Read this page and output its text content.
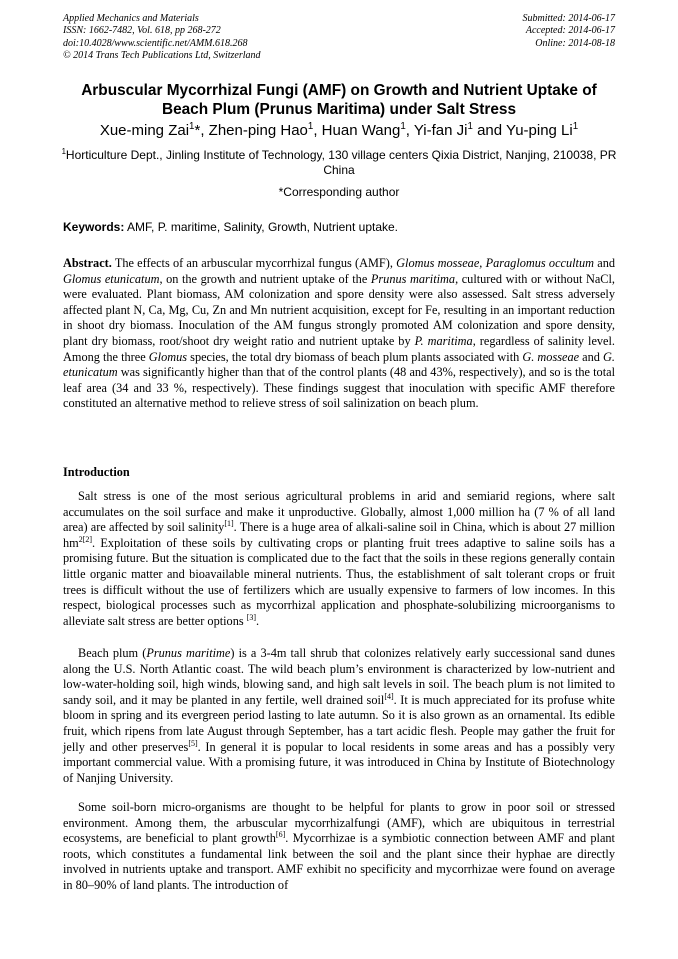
Applied Mechanics and Materials
ISSN: 1662-7482, Vol. 618, pp 268-272
doi:10.4028/www.scientific.net/AMM.618.268
© 2014 Trans Tech Publications Ltd, Switzerland
Submitted: 2014-06-17
Accepted: 2014-06-17
Online: 2014-08-18
Arbuscular Mycorrhizal Fungi (AMF) on Growth and Nutrient Uptake of
Beach Plum (Prunus Maritima) under Salt Stress
Xue-ming Zai$^1$*, Zhen-ping Hao$^1$, Huan Wang$^1$, Yi-fan Ji$^1$ and Yu-ping Li$^1$
$^1$Horticulture Dept., Jinling Institute of Technology, 130 village centers Qixia District, Nanjing, 210038, PR China
*Corresponding author
Keywords: AMF, P. maritime, Salinity, Growth, Nutrient uptake.
Abstract. The effects of an arbuscular mycorrhizal fungus (AMF), Glomus mosseae, Paraglomus occultum and Glomus etunicatum, on the growth and nutrient uptake of the Prunus maritima, cultured with or without NaCl, were evaluated. Plant biomass, AM colonization and spore density were also assessed. Salt stress adversely affected plant N, Ca, Mg, Cu, Zn and Mn nutrient acquisition, except for Fe, resulting in an important reduction in shoot dry biomass. Inoculation of the AM fungus strongly promoted AM colonization and spore density, plant dry biomass, root/shoot dry weight ratio and nutrient uptake by P. maritima, regardless of salinity level. Among the three Glomus species, the total dry biomass of beach plum plants associated with G. mosseae and G. etunicatum was significantly higher than that of the control plants (48 and 43%, respectively), and so is the total leaf area (34 and 33 %, respectively). These findings suggest that inoculation with specific AMF therefore constituted an alternative method to relieve stress of soil salinization on beach plum.
Introduction
Salt stress is one of the most serious agricultural problems in arid and semiarid regions, where salt accumulates on the soil surface and make it unproductive. Globally, almost 1,000 million ha (7 % of all land area) are affected by soil salinity[1]. There is a huge area of alkali-saline soil in China, which is about 27 million $hm^{2[2]}$. Exploitation of these soils by cultivating crops or planting fruit trees adaptive to saline soils has a promising future. But the situation is complicated due to the fact that the soils in these regions generally contain little organic matter and bioavailable mineral nutrients. Thus, the establishment of salt tolerant crops or fruit trees is difficult without the use of fertilizers which are usually expensive to farmers of low incomes. In this respect, biological processes such as mycorrhizal application and phosphate-solubilizing microorganisms to alleviate salt stress are better options [3].
Beach plum (Prunus maritime) is a 3-4m tall shrub that colonizes relatively early successional sand dunes along the U.S. North Atlantic coast. The wild beach plum’s environment is characterized by low-nutrient and low-water-holding soil, high winds, blowing sand, and high salt levels in soil. The beach plum is not limited to sandy soil, and it may be planted in any fertile, well drained soil[4]. It is much appreciated for its profuse white bloom in spring and its evergreen period lasting to late autumn. So it is also grown as an ornamental. Its edible fruit, which ripens from late August through September, has a tart acidic flesh. People may gather the fruit for jelly and other preserves[5]. In general it is popular to local residents in some areas and has a possibly very important commercial value. With a promising future, it was introduced in China by Institute of Biotechnology of Nanjing University.
Some soil-born micro-organisms are thought to be helpful for plants to grow in poor soil or stressed environment. Among them, the arbuscular mycorrhizalfungi (AMF), which are ubiquitous in terrestrial ecosystems, are beneficial to plant growth[6]. Mycorrhizae is a symbiotic connection between AMF and plant roots, which constitutes a fundamental link between the soil and the plant since their hyphae are directly involved in nutrients uptake and transport. AMF exhibit no specificity and mycorrhizae were found on average in 80–90% of land plants. The introduction of
